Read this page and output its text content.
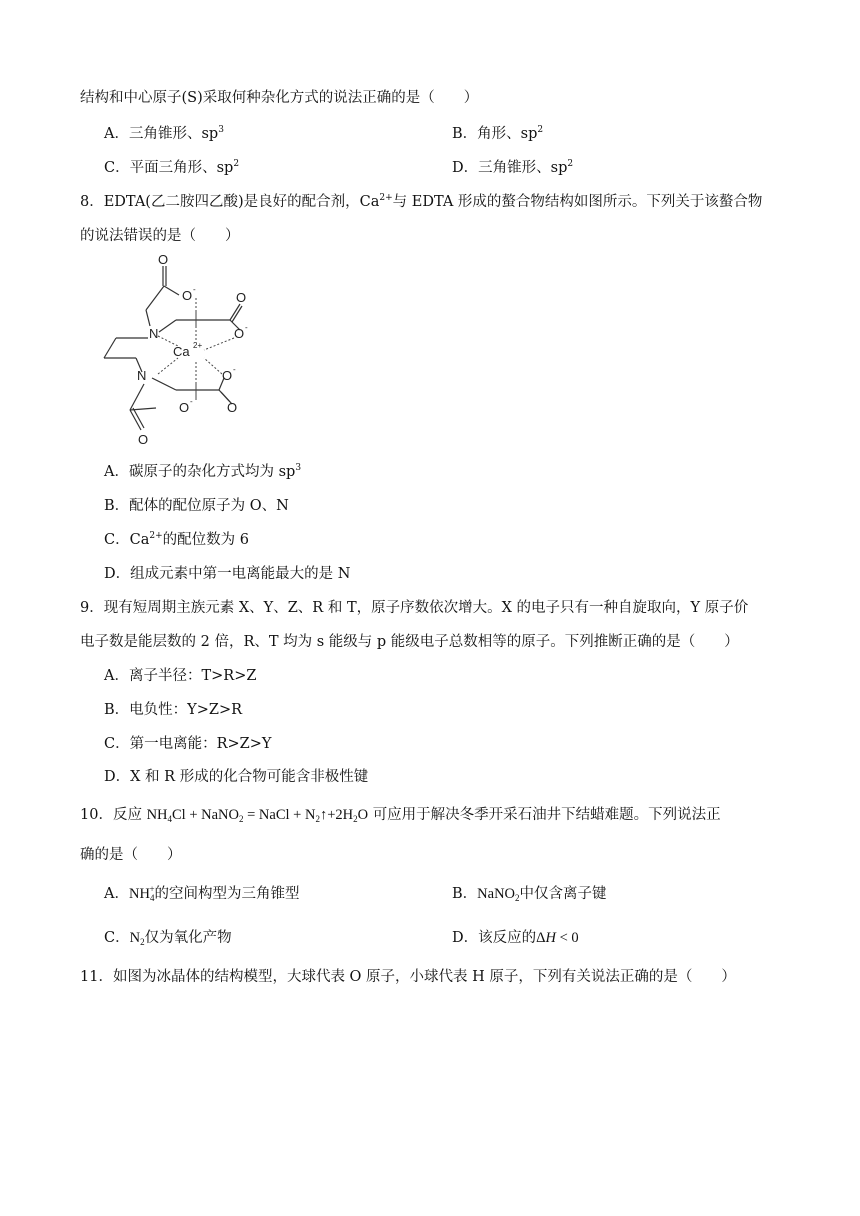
结构和中心原子(S)采取何种杂化方式的说法正确的是（　　）
A．三角锥形、$sp^3$	B．角形、$sp^2$
C．平面三角形、$sp^2$	D．三角锥形、$sp^2$
8．EDTA(乙二胺四乙酸)是良好的配合剂，$Ca^{2+}$与 EDTA 形成的螯合物结构如图所示。下列关于该螯合物
的说法错误的是（　　）
O
O -
O
O -
N
Ca 2+
N	O -
O
O -
O
A．碳原子的杂化方式均为 $sp^3$
B．配体的配位原子为 O、N
C．$Ca^{2+}$的配位数为 6
D．组成元素中第一电离能最大的是 N
9．现有短周期主族元素 X、Y、Z、R 和 T，原子序数依次增大。X 的电子只有一种自旋取向，Y 原子价
电子数是能层数的 2 倍，R、T 均为 s 能级与 p 能级电子总数相等的原子。下列推断正确的是（　　）
A．离子半径：T>R>Z
B．电负性：Y>Z>R
C．第一电离能：R>Z>Y
D．X 和 R 形成的化合物可能含非极性键
10．反应 $NH_4Cl$ + NaNO$_2$ = NaCl + $N_2↑+2H_2O$ 可应用于解决冬季开采石油井下结蜡难题。下列说法正
确的是（　　）
A．$NH_4^+$的空间构型为三角锥型	B．NaNO$_2$中仅含离子键
C．$N_2$仅为氧化产物	D．该反应的ΔH < 0
11．如图为冰晶体的结构模型，大球代表 O 原子，小球代表 H 原子，下列有关说法正确的是（　　）
